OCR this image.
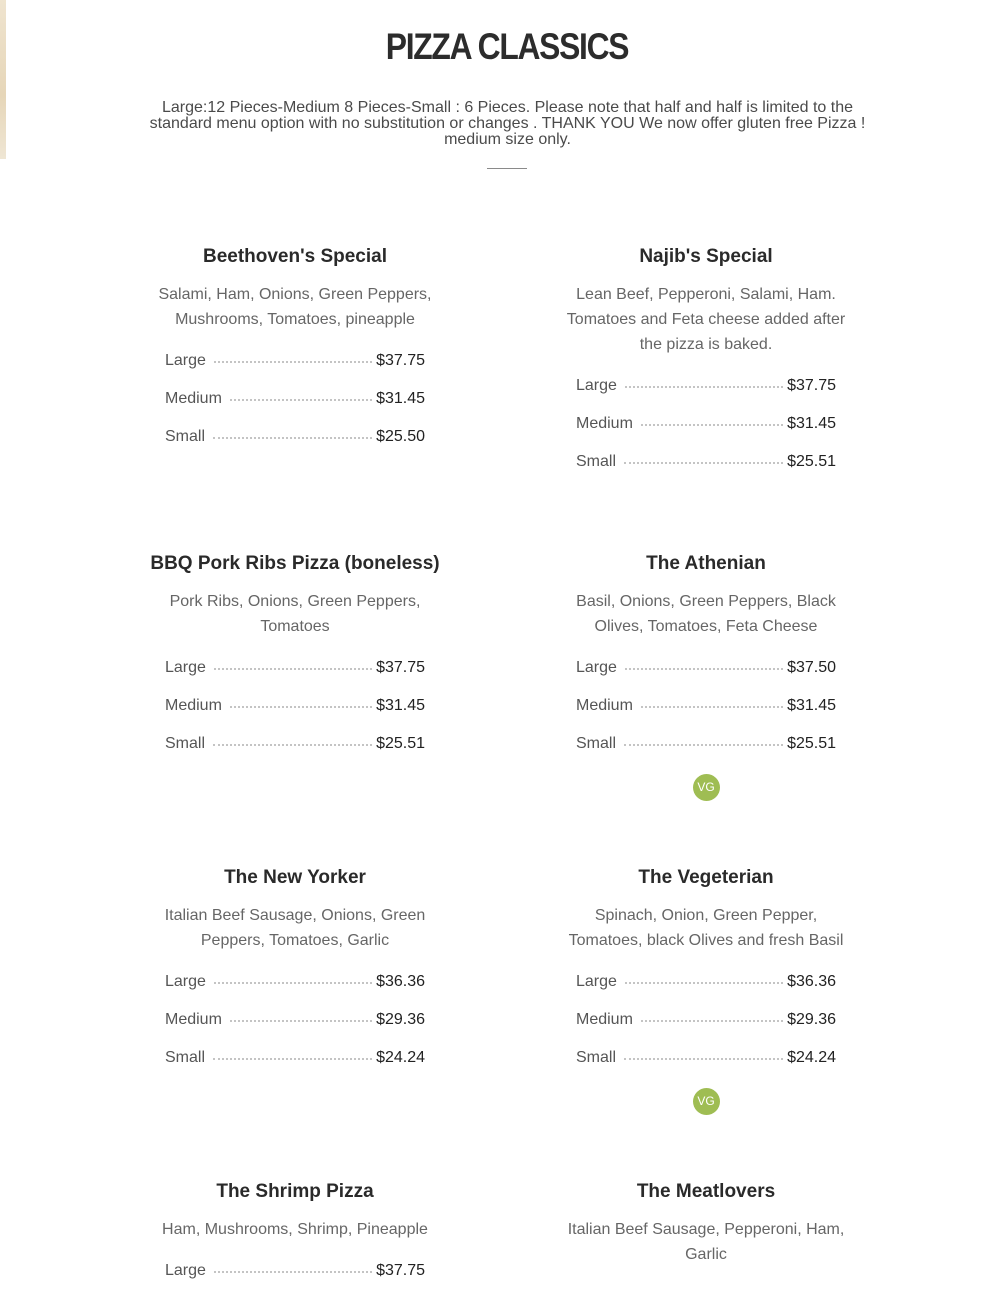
PIZZA CLASSICS

Large:12 Pieces-Medium 8 Pieces-Small : 6 Pieces. Please note that half and half is limited to the standard menu option with no substitution or changes . THANK YOU We now offer gluten free Pizza ! medium size only.

Beethoven's Special
Salami, Ham, Onions, Green Peppers, Mushrooms, Tomatoes, pineapple
Large	$37.75
Medium	$31.45
Small	$25.50
Najib's Special
Lean Beef, Pepperoni, Salami, Ham. Tomatoes and Feta cheese added after the pizza is baked.
Large	$37.75
Medium	$31.45
Small	$25.51
BBQ Pork Ribs Pizza (boneless)
Pork Ribs, Onions, Green Peppers, Tomatoes
Large	$37.75
Medium	$31.45
Small	$25.51
The Athenian
Basil, Onions, Green Peppers, Black Olives, Tomatoes, Feta Cheese
Large	$37.50
Medium	$31.45
Small	$25.51
VG
The New Yorker
Italian Beef Sausage, Onions, Green Peppers, Tomatoes, Garlic
Large	$36.36
Medium	$29.36
Small	$24.24
The Vegeterian
Spinach, Onion, Green Pepper, Tomatoes, black Olives and fresh Basil
Large	$36.36
Medium	$29.36
Small	$24.24
VG
The Shrimp Pizza
Ham, Mushrooms, Shrimp, Pineapple
Large	$37.75
The Meatlovers
Italian Beef Sausage, Pepperoni, Ham, Garlic
